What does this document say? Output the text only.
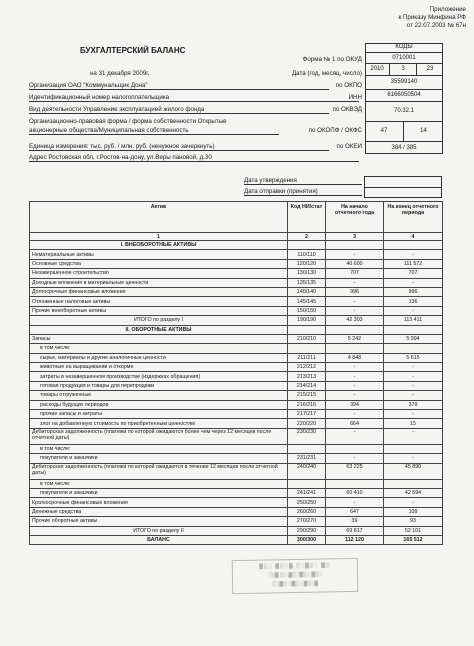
Приложение
к Приказу Минфина РФ
от 22.07.2003 № 67н
БУХГАЛТЕРСКИЙ БАЛАНС	КОДЫ
0710001
2010	3	23
35599140
6166050504
70.32.1
47	14
384 / 385
Форма № 1 по ОКУД
на 31 декабря 2009г.	Дата (год, месяц, число)
Организация ОАО "Коммунальщик Дона"	по ОКПО
Идентификационный номер налогоплательщика	ИНН
Вид деятельности Управление эксплуатацией жилого фонда	по ОКВЭД
Организационно-правовая форма / форма собственности Открытые
акционерные общества/Муниципальная собственность	по ОКОПФ / ОКФС
Единица измерения: тыс. руб. / млн. руб. (ненужное зачеркнуть)	по ОКЕИ
Адрес Ростовская обл, г.Ростов-на-дону, ул.Веры пановой, д.30
Дата утверждения
Дата отправки (принятия)
Актив	Код НИ/стат	На начало отчетного года	На конец отчетного периода
1	2	3	4
I. ВНЕОБОРОТНЫЕ АКТИВЫ			
Нематериальные активы	110/110	-	-
Основные средства	120/120	40 600	111 572
Незавершенное строительство	130/130	707	707
Доходные вложения в материальные ценности	135/135	-	-
Долгосрочные финансовые вложения	140/140	996	996
Отложенные налоговые активы	145/145	-	136
Прочие внеоборотные активы	150/150	-	-
ИТОГО по разделу I	190/190	42 303	113 411
II. ОБОРОТНЫЕ АКТИВЫ			
Запасы	210/210	5 242	5 994
в том числе:			
сырье, материалы и другие аналогичные ценности	211/211	4 848	5 615
животные на выращивании и откорме	212/212	-	-
затраты в незавершенном производстве (издержках обращения)	213/213	-	-
готовая продукция и товары для перепродажи	214/214	-	-
товары отгруженные	215/215	-	-
расходы будущих периодов	216/216	394	379
прочие запасы и затраты	217/217	-	-
злог на добавленную стоимость по приобретенным ценностям	220/220	664	15
Дебиторская задолженность (платежи по которой ожидаются более чем через 12 месяцев после отчетной даты)	230/230	-	-
в том числе:			
покупатели и заказчики	231/231	-	-
Дебиторская задолженность (платежи по которой ожидаются в течение 12 месяцев после отчетной даты)	240/240	63 225	45 890
в том числе:			
покупатели и заказчики	241/241	60 410	42 594
Краткосрочные финансовые вложения	250/250	-	-
Денежные средства	260/260	647	109
Прочие оборотные активы	270/270	39	93
ИТОГО по разделу II	290/290	69 817	52 101
БАЛАНС	300/300	112 120	165 512
▓▒░ ▓▒░▓ ▒░▓▒░ ▓▒
░▒▓ ▒░ ▓▒░▓▒░ ▓▒░
▒░▓▒ ░▓▒░ ▓▒░▓
